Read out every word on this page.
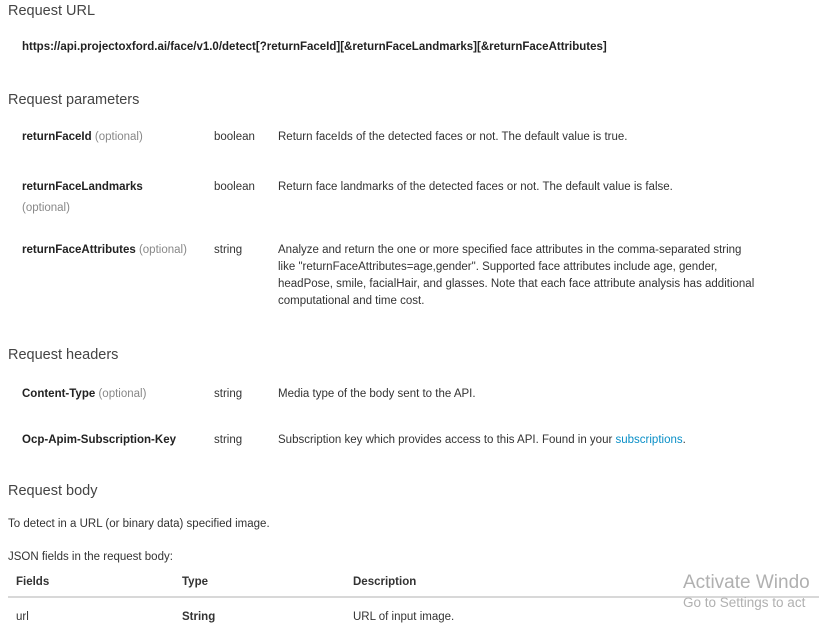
Request URL
https://api.projectoxford.ai/face/v1.0/detect[?returnFaceId][&returnFaceLandmarks][&returnFaceAttributes]
Request parameters
returnFaceId (optional)	boolean Return faceIds of the detected faces or not. The default value is true.
returnFaceLandmarks
(optional)
boolean Return face landmarks of the detected faces or not. The default value is false.
returnFaceAttributes (optional) string	Analyze and return the one or more specified face attributes in the comma-separated string
like "returnFaceAttributes=age,gender". Supported face attributes include age, gender,
headPose, smile, facialHair, and glasses. Note that each face attribute analysis has additional
computational and time cost.
Request headers
Content-Type (optional)	string	Media type of the body sent to the API.
Ocp-Apim-Subscription-Key	string	Subscription key which provides access to this API. Found in your subscriptions.
Request body
To detect in a URL (or binary data) specified image.
JSON fields in the request body:
Fields	Type	Description
url	String	URL of input image.
Activate Windo
Go to Settings to act
